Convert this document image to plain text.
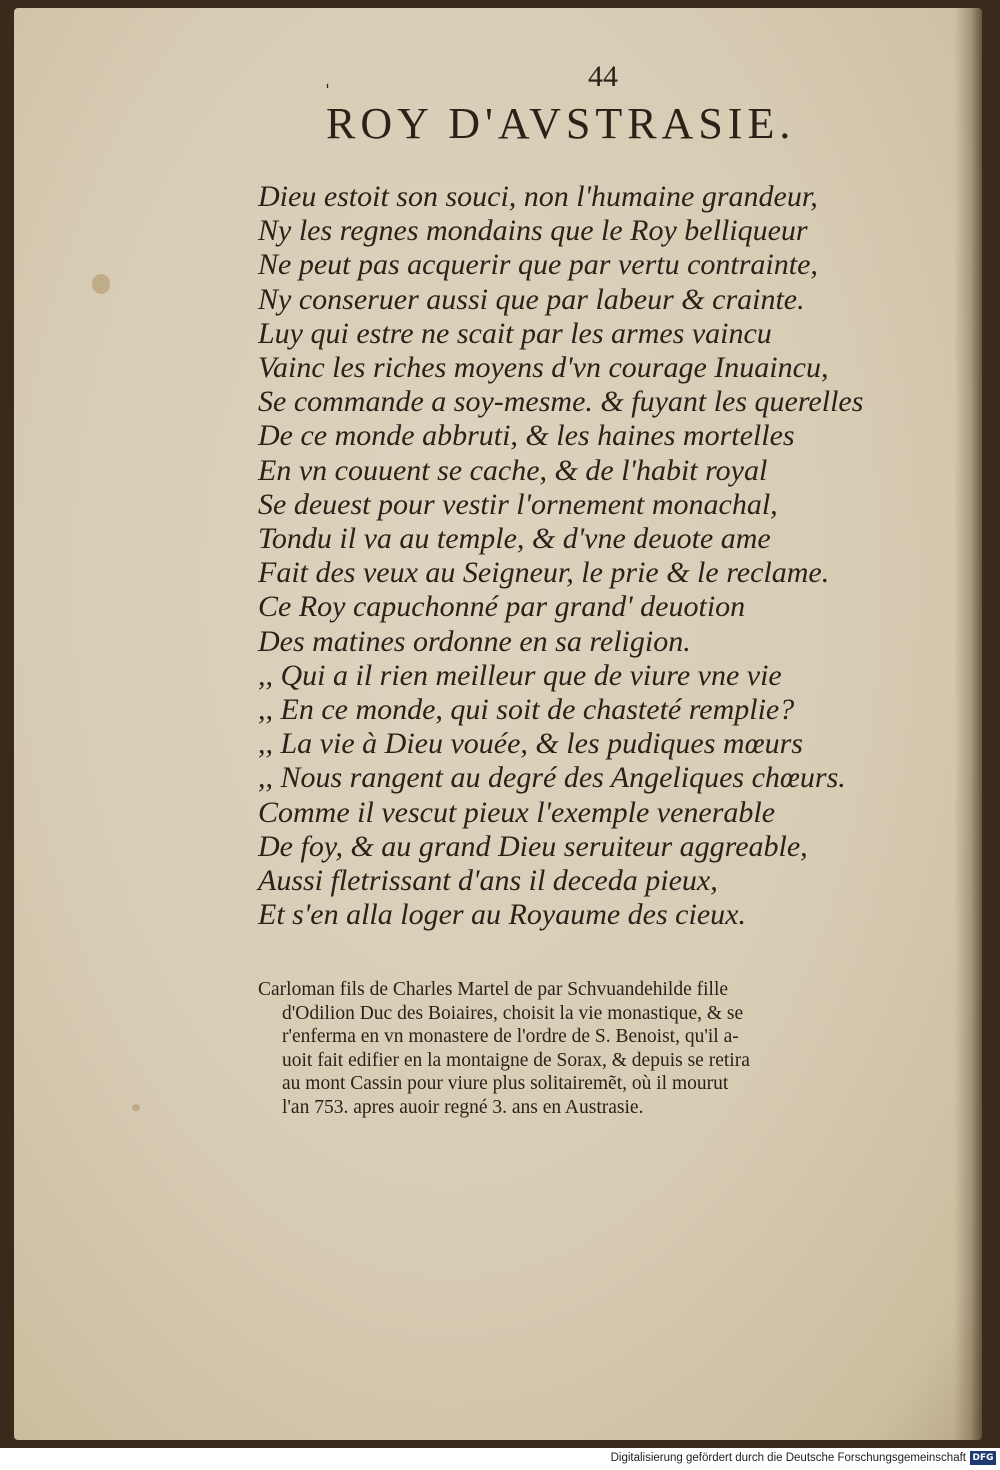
ˌ	44
ROY D'AVSTRASIE.
Dieu estoit son souci, non l'humaine grandeur,
Ny les regnes mondains que le Roy belliqueur
Ne peut pas acquerir que par vertu contrainte,
Ny conseruer aussi que par labeur & crainte.
Luy qui estre ne scait par les armes vaincu
Vainc les riches moyens d'vn courage Inuaincu,
Se commande a soy-mesme. & fuyant les querelles
De ce monde abbruti, & les haines mortelles
En vn couuent se cache, & de l'habit royal
Se deuest pour vestir l'ornement monachal,
Tondu il va au temple, & d'vne deuote ame
Fait des veux au Seigneur, le prie & le reclame.
Ce Roy capuchonné par grand' deuotion
Des matines ordonne en sa religion.
,, Qui a il rien meilleur que de viure vne vie
,, En ce monde, qui soit de chasteté remplie?
,, La vie à Dieu vouée, & les pudiques mœurs
,, Nous rangent au degré des Angeliques chœurs.
Comme il vescut pieux l'exemple venerable
De foy, & au grand Dieu seruiteur aggreable,
Aussi fletrissant d'ans il deceda pieux,
Et s'en alla loger au Royaume des cieux.
Carloman fils de Charles Martel de par Schvuandehilde fille
d'Odilion Duc des Boiaires, choisit la vie monastique, & se
r'enferma en vn monastere de l'ordre de S. Benoist, qu'il a-
uoit fait edifier en la montaigne de Sorax, & depuis se retira
au mont Cassin pour viure plus solitairemẽt, où il mourut
l'an 753. apres auoir regné 3. ans en Austrasie.
Digitalisierung gefördert durch die Deutsche Forschungsgemeinschaft DFG
